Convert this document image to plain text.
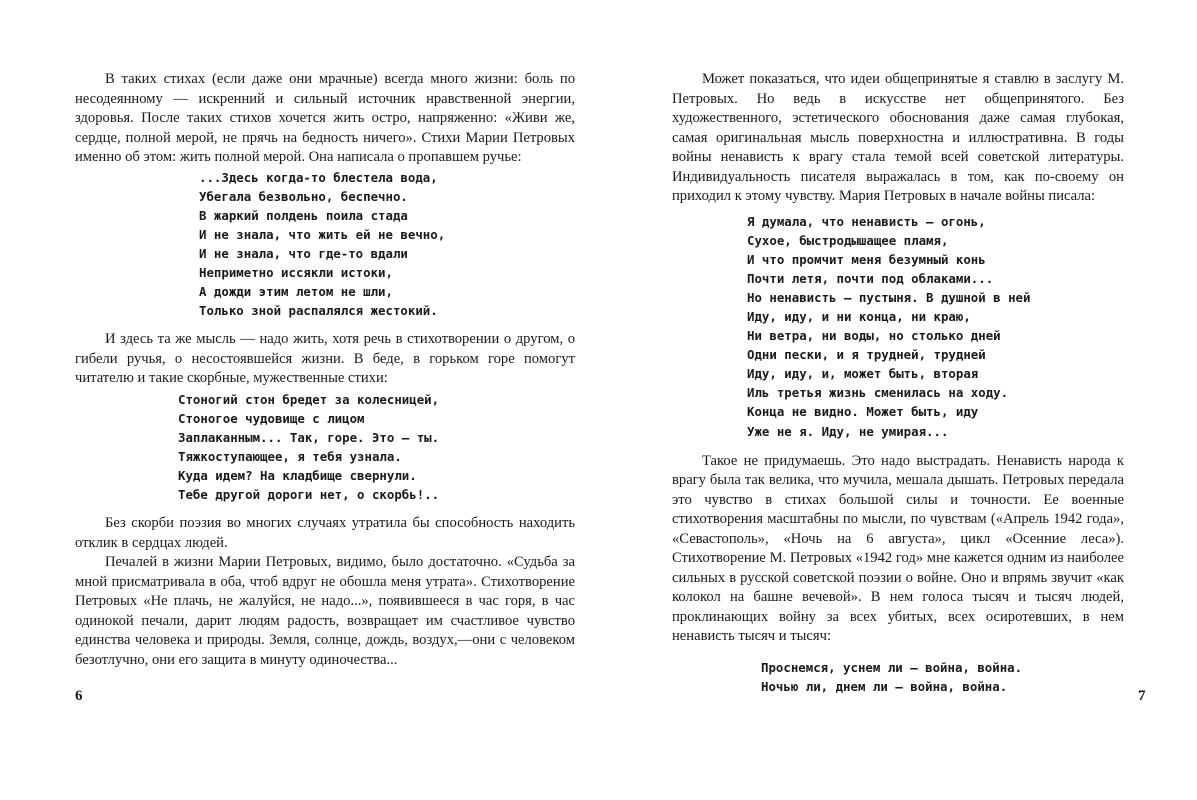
В таких стихах (если даже они мрачные) всегда много жизни: боль по несодеянному — искренний и сильный источник нравственной энергии, здоровья. После таких стихов хочется жить остро, напряженно: «Живи же, сердце, полной мерой, не прячь на бедность ничего». Стихи Марии Петровых именно об этом: жить полной мерой. Она написала о пропавшем ручье:

...Здесь когда-то блестела вода,
Убегала безвольно, беспечно.
В жаркий полдень поила стада
И не знала, что жить ей не вечно,
И не знала, что где-то вдали
Неприметно иссякли истоки,
А дожди этим летом не шли,
Только зной распалялся жестокий.

И здесь та же мысль — надо жить, хотя речь в стихотворении о другом, о гибели ручья, о несостоявшейся жизни. В беде, в горьком горе помогут читателю и такие скорбные, мужественные стихи:

Стоногий стон бредет за колесницей,
Стоногое чудовище с лицом
Заплаканным... Так, горе. Это — ты.
Тяжкоступающее, я тебя узнала.
Куда идем? На кладбище свернули.
Тебе другой дороги нет, о скорбь!..

Без скорби поэзия во многих случаях утратила бы способность находить отклик в сердцах людей.

Печалей в жизни Марии Петровых, видимо, было достаточно. «Судьба за мной присматривала в оба, чтоб вдруг не обошла меня утрата». Стихотворение Петровых «Не плачь, не жалуйся, не надо...», появившееся в час горя, в час одинокой печали, дарит людям радость, возвращает им счастливое чувство единства человека и природы. Земля, солнце, дождь, воздух,—они с человеком безотлучно, они его защита в минуту одиночества...

6

Может показаться, что идеи общепринятые я ставлю в заслугу М. Петровых. Но ведь в искусстве нет общепринятого. Без художественного, эстетического обоснования даже самая глубокая, самая оригинальная мысль поверхностна и иллюстративна. В годы войны ненависть к врагу стала темой всей советской литературы. Индивидуальность писателя выражалась в том, как по-своему он приходил к этому чувству. Мария Петровых в начале войны писала:

Я думала, что ненависть — огонь,
Сухое, быстродышащее пламя,
И что промчит меня безумный конь
Почти летя, почти под облаками...
Но ненависть — пустыня. В душной в ней
Иду, иду, и ни конца, ни краю,
Ни ветра, ни воды, но столько дней
Одни пески, и я трудней, трудней
Иду, иду, и, может быть, вторая
Иль третья жизнь сменилась на ходу.
Конца не видно. Может быть, иду
Уже не я. Иду, не умирая...

Такое не придумаешь. Это надо выстрадать. Ненависть народа к врагу была так велика, что мучила, мешала дышать. Петровых передала это чувство в стихах большой силы и точности. Ее военные стихотворения масштабны по мысли, по чувствам («Апрель 1942 года», «Севастополь», «Ночь на 6 августа», цикл «Осенние леса»). Стихотворение М. Петровых «1942 год» мне кажется одним из наиболее сильных в русской советской поэзии о войне. Оно и впрямь звучит «как колокол на башне вечевой». В нем голоса тысяч и тысяч людей, проклинающих войну за всех убитых, всех осиротевших, в нем ненависть тысяч и тысяч:

Проснемся, уснем ли — война, война.
Ночью ли, днем ли — война, война.
7
